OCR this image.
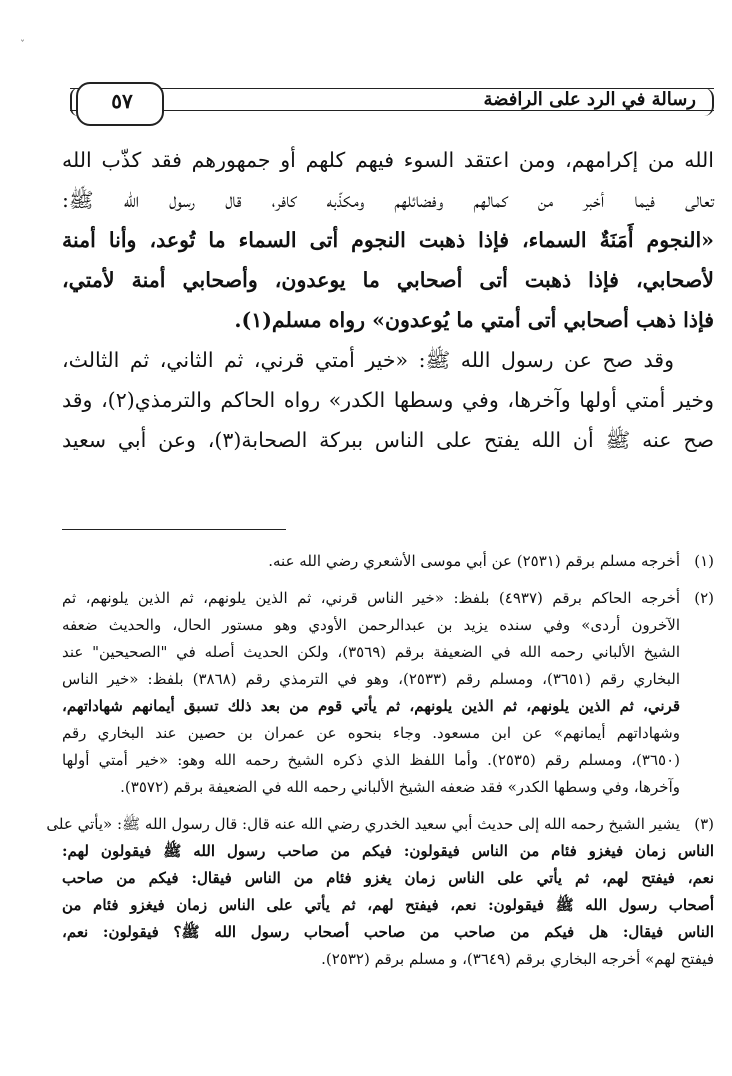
ˇ
٥٧	رسالة في الرد على الرافضة
الله من إكرامهم، ومن اعتقد السوء فيهم كلهم أو جمهورهم فقد كذّب الله
تعالى فيما أخبر من كمالهم وفضائلهم ومكذّبه كافر، قال رسول الله ﷺ:
«النجوم أَمَنَةٌ السماء، فإذا ذهبت النجوم أتى السماء ما تُوعد، وأنا أمنة
لأصحابي، فإذا ذهبت أتى أصحابي ما يوعدون، وأصحابي أمنة لأمتي،
فإذا ذهب أصحابي أتى أمتي ما يُوعدون» رواه مسلم(١).
وقد صح عن رسول الله ﷺ: «خير أمتي قرني، ثم الثاني، ثم الثالث،
وخير أمتي أولها وآخرها، وفي وسطها الكدر» رواه الحاكم والترمذي(٢)، وقد
صح عنه ﷺ أن الله يفتح على الناس ببركة الصحابة(٣)، وعن أبي سعيد
(١)
أخرجه مسلم برقم (٢٥٣١) عن أبي موسى الأشعري رضي الله عنه.
(٢)
أخرجه الحاكم برقم (٤٩٣٧) بلفظ: «خير الناس قرني، ثم الذين يلونهم، ثم الذين يلونهم، ثم
الآخرون أردى» وفي سنده يزيد بن عبدالرحمن الأودي وهو مستور الحال، والحديث ضعفه
الشيخ الألباني رحمه الله في الضعيفة برقم (٣٥٦٩)، ولكن الحديث أصله في "الصحيحين" عند
البخاري رقم (٣٦٥١)، ومسلم رقم (٢٥٣٣)، وهو في الترمذي رقم (٣٨٦٨) بلفظ: «خير الناس
قرني، ثم الذين يلونهم، ثم الذين يلونهم، ثم يأتي قوم من بعد ذلك تسبق أيمانهم شهاداتهم،
وشهاداتهم أيمانهم» عن ابن مسعود. وجاء بنحوه عن عمران بن حصين عند البخاري رقم
(٣٦٥٠)، ومسلم رقم (٢٥٣٥). وأما اللفظ الذي ذكره الشيخ رحمه الله وهو: «خير أمتي أولها
وآخرها، وفي وسطها الكدر» فقد ضعفه الشيخ الألباني رحمه الله في الضعيفة برقم (٣٥٧٢).
(٣)
يشير الشيخ رحمه الله إلى حديث أبي سعيد الخدري رضي الله عنه قال: قال رسول الله ﷺ: «يأتي على
الناس زمان فيغزو فئام من الناس فيقولون: فيكم من صاحب رسول الله ﷺ فيقولون لهم:
نعم، فيفتح لهم، ثم يأتي على الناس زمان يغزو فئام من الناس فيقال: فيكم من صاحب
أصحاب رسول الله ﷺ فيقولون: نعم، فيفتح لهم، ثم يأتي على الناس زمان فيغزو فئام من
الناس فيقال: هل فيكم من صاحب من صاحب أصحاب رسول الله ﷺ؟ فيقولون: نعم،
فيفتح لهم» أخرجه البخاري برقم (٣٦٤٩)، و مسلم برقم (٢٥٣٢).
